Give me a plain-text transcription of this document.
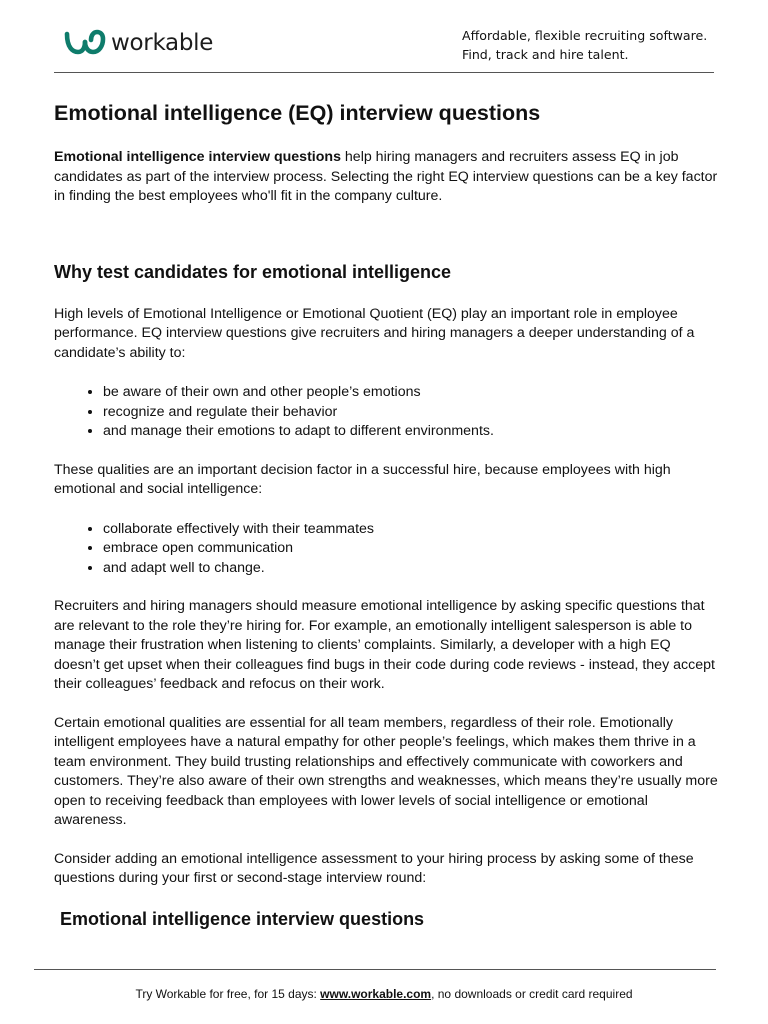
workable	Affordable, flexible recruiting software.
Find, track and hire talent.
Emotional intelligence (EQ) interview questions

Emotional intelligence interview questions help hiring managers and recruiters assess EQ in job candidates as part of the interview process. Selecting the right EQ interview questions can be a key factor in finding the best employees who'll fit in the company culture.

Why test candidates for emotional intelligence

High levels of Emotional Intelligence or Emotional Quotient (EQ) play an important role in employee performance. EQ interview questions give recruiters and hiring managers a deeper understanding of a candidate’s ability to:

• be aware of their own and other people’s emotions
• recognize and regulate their behavior
• and manage their emotions to adapt to different environments.

These qualities are an important decision factor in a successful hire, because employees with high emotional and social intelligence:

• collaborate effectively with their teammates
• embrace open communication
• and adapt well to change.

Recruiters and hiring managers should measure emotional intelligence by asking specific questions that are relevant to the role they’re hiring for. For example, an emotionally intelligent salesperson is able to manage their frustration when listening to clients’ complaints. Similarly, a developer with a high EQ doesn’t get upset when their colleagues find bugs in their code during code reviews - instead, they accept their colleagues’ feedback and refocus on their work.

Certain emotional qualities are essential for all team members, regardless of their role. Emotionally intelligent employees have a natural empathy for other people’s feelings, which makes them thrive in a team environment. They build trusting relationships and effectively communicate with coworkers and customers. They’re also aware of their own strengths and weaknesses, which means they’re usually more open to receiving feedback than employees with lower levels of social intelligence or emotional awareness.

Consider adding an emotional intelligence assessment to your hiring process by asking some of these questions during your first or second-stage interview round:

Emotional intelligence interview questions
Try Workable for free, for 15 days: www.workable.com, no downloads or credit card required
